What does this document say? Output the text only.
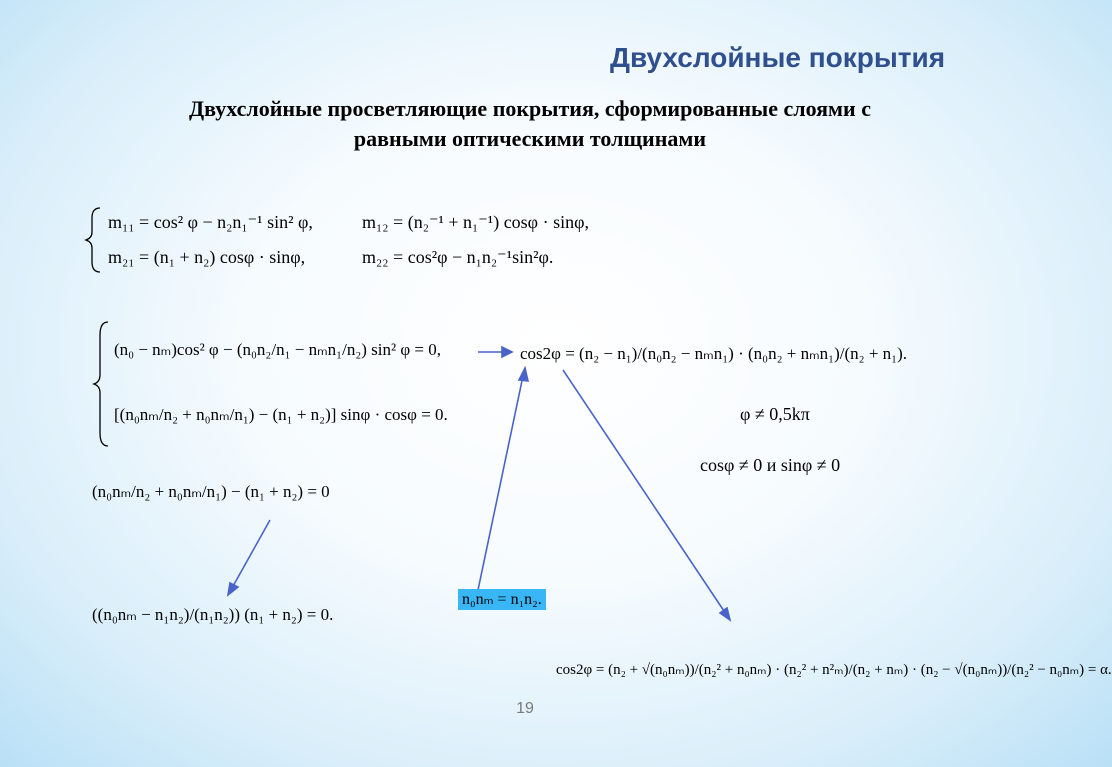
Двухслойные покрытия
Двухслойные просветляющие покрытия, сформированные слоями с
равными оптическими толщинами
m₁₁ = cos² φ − n₂n₁⁻¹ sin² φ,	m₁₂ = (n₂⁻¹ + n₁⁻¹) cosφ · sinφ,
m₂₁ = (n₁ + n₂) cosφ · sinφ,	m₂₂ = cos²φ − n₁n₂⁻¹sin²φ.
(n₀ − nₘ)cos² φ − (n₀n₂/n₁ − nₘn₁/n₂) sin² φ = 0,
[(n₀nₘ/n₂ + n₀nₘ/n₁) − (n₁ + n₂)] sinφ · cosφ = 0.
cos2φ = (n₂ − n₁)/(n₀n₂ − nₘn₁) · (n₀n₂ + nₘn₁)/(n₂ + n₁).
φ ≠ 0,5kπ
cosφ ≠ 0 и sinφ ≠ 0
(n₀nₘ/n₂ + n₀nₘ/n₁) − (n₁ + n₂) = 0
((n₀nₘ − n₁n₂)/(n₁n₂)) (n₁ + n₂) = 0.
n₀nₘ = n₁n₂.
cos2φ = (n₂ + √(n₀nₘ))/(n₂² + n₀nₘ) · (n₂² + n²ₘ)/(n₂ + nₘ) · (n₂ − √(n₀nₘ))/(n₂² − n₀nₘ) = α.
19
